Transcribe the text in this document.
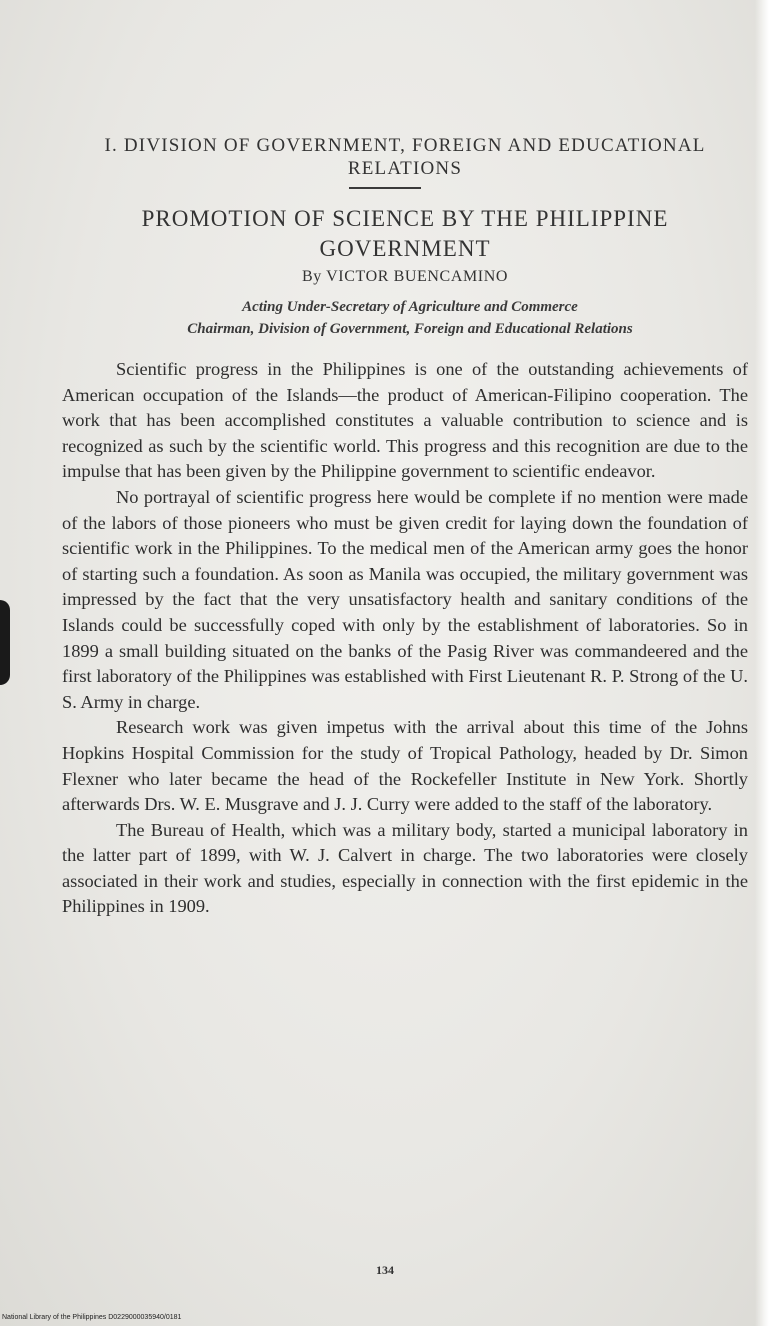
I. DIVISION OF GOVERNMENT, FOREIGN AND EDUCATIONAL
RELATIONS
PROMOTION OF SCIENCE BY THE PHILIPPINE
GOVERNMENT
By VICTOR BUENCAMINO
Acting Under-Secretary of Agriculture and Commerce
Chairman, Division of Government, Foreign and Educational Relations

Scientific progress in the Philippines is one of the outstanding achievements of American occupation of the Islands—the product of American-Filipino cooperation. The work that has been accomplished constitutes a valuable contribution to science and is recognized as such by the scientific world. This progress and this recognition are due to the impulse that has been given by the Philippine government to scientific endeavor.

No portrayal of scientific progress here would be complete if no mention were made of the labors of those pioneers who must be given credit for laying down the foundation of scientific work in the Philippines. To the medical men of the American army goes the honor of starting such a foundation. As soon as Manila was occupied, the military government was impressed by the fact that the very unsatisfactory health and sanitary conditions of the Islands could be successfully coped with only by the establishment of laboratories. So in 1899 a small building situated on the banks of the Pasig River was commandeered and the first laboratory of the Philippines was established with First Lieutenant R. P. Strong of the U. S. Army in charge.

Research work was given impetus with the arrival about this time of the Johns Hopkins Hospital Commission for the study of Tropical Pathology, headed by Dr. Simon Flexner who later became the head of the Rockefeller Institute in New York. Shortly afterwards Drs. W. E. Musgrave and J. J. Curry were added to the staff of the laboratory.

The Bureau of Health, which was a military body, started a municipal laboratory in the latter part of 1899, with W. J. Calvert in charge. The two laboratories were closely associated in their work and studies, especially in connection with the first epidemic in the Philippines in 1909.

134
National Library of the Philippines D0229000035940/0181
